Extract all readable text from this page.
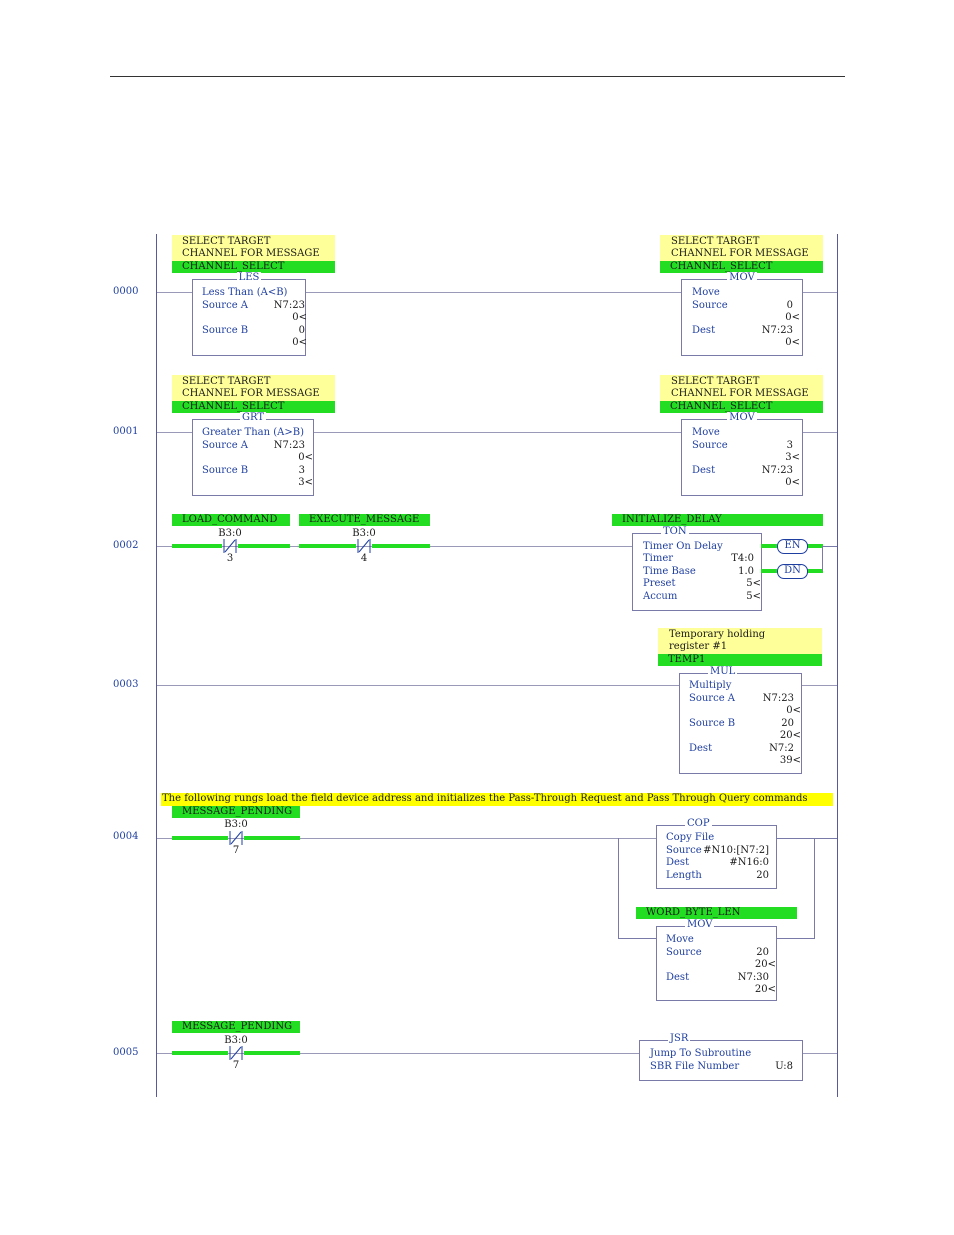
0000
0001
0002
0003
0004
0005
SELECT TARGET
CHANNEL FOR MESSAGE
CHANNEL_SELECT
LES
Less Than (A<B)
Source A	N7:23
0<
Source B	0
0<
SELECT TARGET
CHANNEL FOR MESSAGE
CHANNEL_SELECT
MOV
Move
Source	0
0<
Dest	N7:23
0<
SELECT TARGET
CHANNEL FOR MESSAGE
CHANNEL_SELECT
GRT
Greater Than (A>B)
Source A	N7:23
0<
Source B	3
3<
SELECT TARGET
CHANNEL FOR MESSAGE
CHANNEL_SELECT
MOV
Move
Source	3
3<
Dest	N7:23
0<
LOAD_COMMAND
B3:0
3
EXECUTE_MESSAGE
B3:0
4
INITIALIZE_DELAY
TON
Timer On Delay
Timer	T4:0
Time Base	1.0
Preset	5<
Accum	5<
EN
DN
Temporary holding
register #1
TEMP1
MUL
Multiply
Source A	N7:23
0<
Source B	20
20<
Dest	N7:2
39<
The following rungs load the field device address and initializes the Pass-Through Request and Pass Through Query commands
MESSAGE_PENDING
B3:0
7
COP
Copy File
Source #N10:[N7:2]
Dest	#N16:0
Length	20
WORD_BYTE_LEN
MOV
Move
Source	20
20<
Dest	N7:30
20<
MESSAGE_PENDING
B3:0
7
JSR
Jump To Subroutine
SBR File Number	U:8
